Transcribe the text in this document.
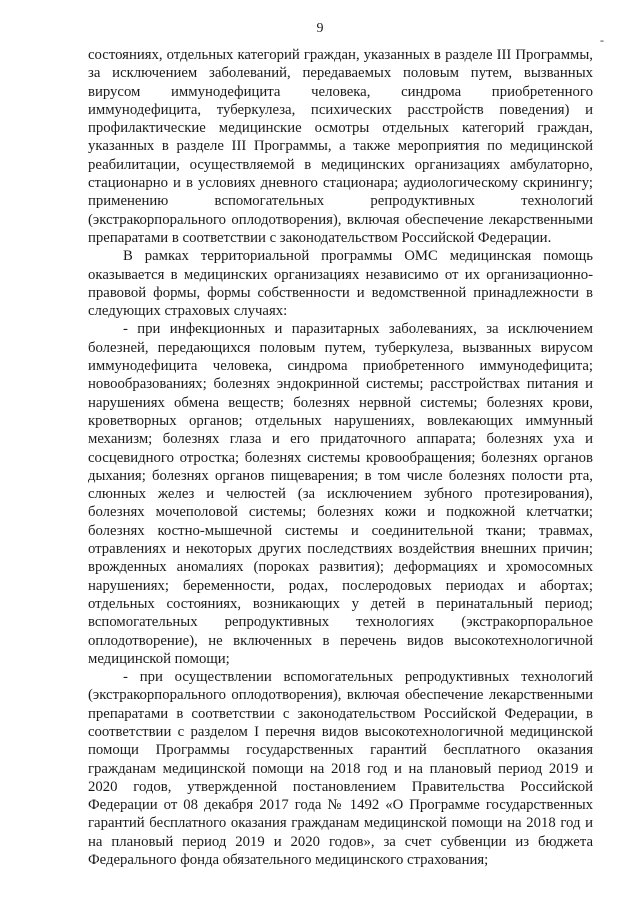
9
-

состояниях, отдельных категорий граждан, указанных в разделе III Программы, за исключением заболеваний, передаваемых половым путем, вызванных вирусом иммунодефицита человека, синдрома приобретенного иммунодефицита, туберкулеза, психических расстройств поведения) и профилактические медицинские осмотры отдельных категорий граждан, указанных в разделе III Программы, а также мероприятия по медицинской реабилитации, осуществляемой в медицинских организациях амбулаторно, стационарно и в условиях дневного стационара; аудиологическому скринингу; применению вспомогательных репродуктивных технологий (экстракорпорального оплодотворения), включая обеспечение лекарственными препаратами в соответствии с законодательством Российской Федерации.

В рамках территориальной программы ОМС медицинская помощь оказывается в медицинских организациях независимо от их организационно-правовой формы, формы собственности и ведомственной принадлежности в следующих страховых случаях:

- при инфекционных и паразитарных заболеваниях, за исключением болезней, передающихся половым путем, туберкулеза, вызванных вирусом иммунодефицита человека, синдрома приобретенного иммунодефицита; новообразованиях; болезнях эндокринной системы; расстройствах питания и нарушениях обмена веществ; болезнях нервной системы; болезнях крови, кроветворных органов; отдельных нарушениях, вовлекающих иммунный механизм; болезнях глаза и его придаточного аппарата; болезнях уха и сосцевидного отростка; болезнях системы кровообращения; болезнях органов дыхания; болезнях органов пищеварения; в том числе болезнях полости рта, слюнных желез и челюстей (за исключением зубного протезирования), болезнях мочеполовой системы; болезнях кожи и подкожной клетчатки; болезнях костно-мышечной системы и соединительной ткани; травмах, отравлениях и некоторых других последствиях воздействия внешних причин; врожденных аномалиях (пороках развития); деформациях и хромосомных нарушениях; беременности, родах, послеродовых периодах и абортах; отдельных состояниях, возникающих у детей в перинатальный период; вспомогательных репродуктивных технологиях (экстракорпоральное оплодотворение), не включенных в перечень видов высокотехнологичной медицинской помощи;

- при осуществлении вспомогательных репродуктивных технологий (экстракорпорального оплодотворения), включая обеспечение лекарственными препаратами в соответствии с законодательством Российской Федерации, в соответствии с разделом I перечня видов высокотехнологичной медицинской помощи Программы государственных гарантий бесплатного оказания гражданам медицинской помощи на 2018 год и на плановый период 2019 и 2020 годов, утвержденной постановлением Правительства Российской Федерации от 08 декабря 2017 года № 1492 «О Программе государственных гарантий бесплатного оказания гражданам медицинской помощи на 2018 год и на плановый период 2019 и 2020 годов», за счет субвенции из бюджета Федерального фонда обязательного медицинского страхования;
